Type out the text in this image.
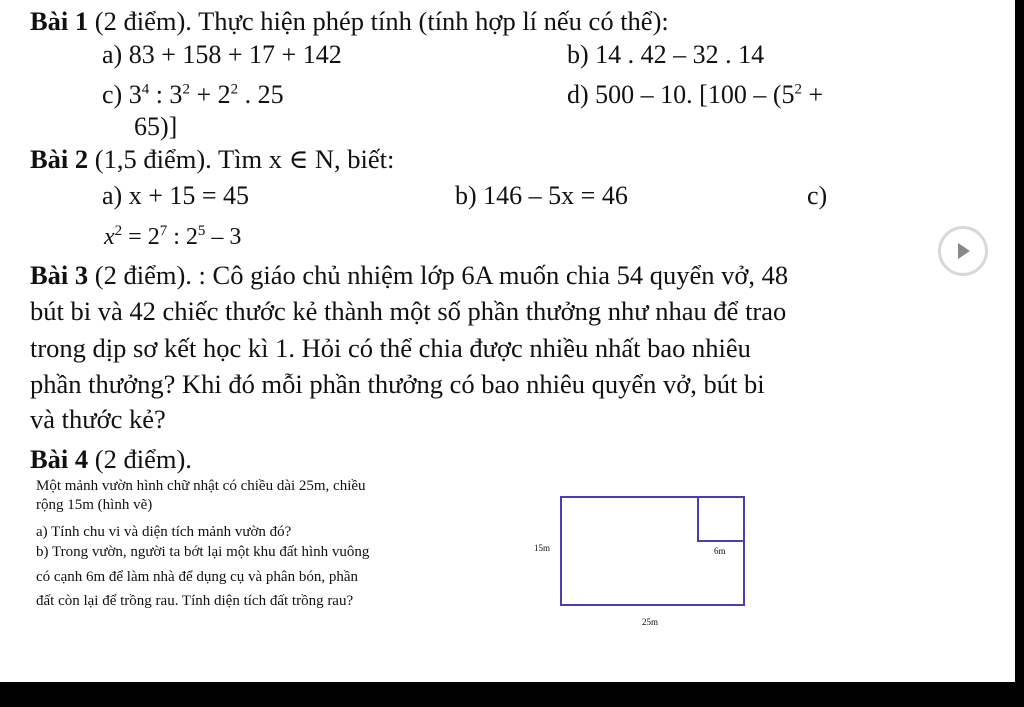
Bài 1 (2 điểm). Thực hiện phép tính (tính hợp lí nếu có thể):
a) 83 + 158 + 17 + 142	b) 14 . 42 – 32 . 14
c) $3^4$ : $3^2 + 2^2$ . 25	d) 500 – 10. [$100 - (5^2$ +
65)]
Bài 2 (1,5 điểm). Tìm x ∈ N, biết:
a) x + 15 = 45	b) 146 – 5x = 46	c)
$x^2 = 2^7$ : $2^5 - 3$
Bài 3 (2 điểm). : Cô giáo chủ nhiệm lớp 6A muốn chia 54 quyển vở, 48
bút bi và 42 chiếc thước kẻ thành một số phần thưởng như nhau để trao
trong dịp sơ kết học kì 1. Hỏi có thể chia được nhiều nhất bao nhiêu
phần thưởng? Khi đó mỗi phần thưởng có bao nhiêu quyển vở, bút bi
và thước kẻ?
Bài 4 (2 điểm).
Một mảnh vườn hình chữ nhật có chiều dài 25m, chiều
rộng 15m (hình vẽ)
a) Tính chu vi và diện tích mảnh vườn đó?
b) Trong vườn, người ta bớt lại một khu đất hình vuông
có cạnh 6m để làm nhà để dụng cụ và phân bón, phần
đất còn lại để trồng rau. Tính diện tích đất trồng rau?
15m	6m
25m
